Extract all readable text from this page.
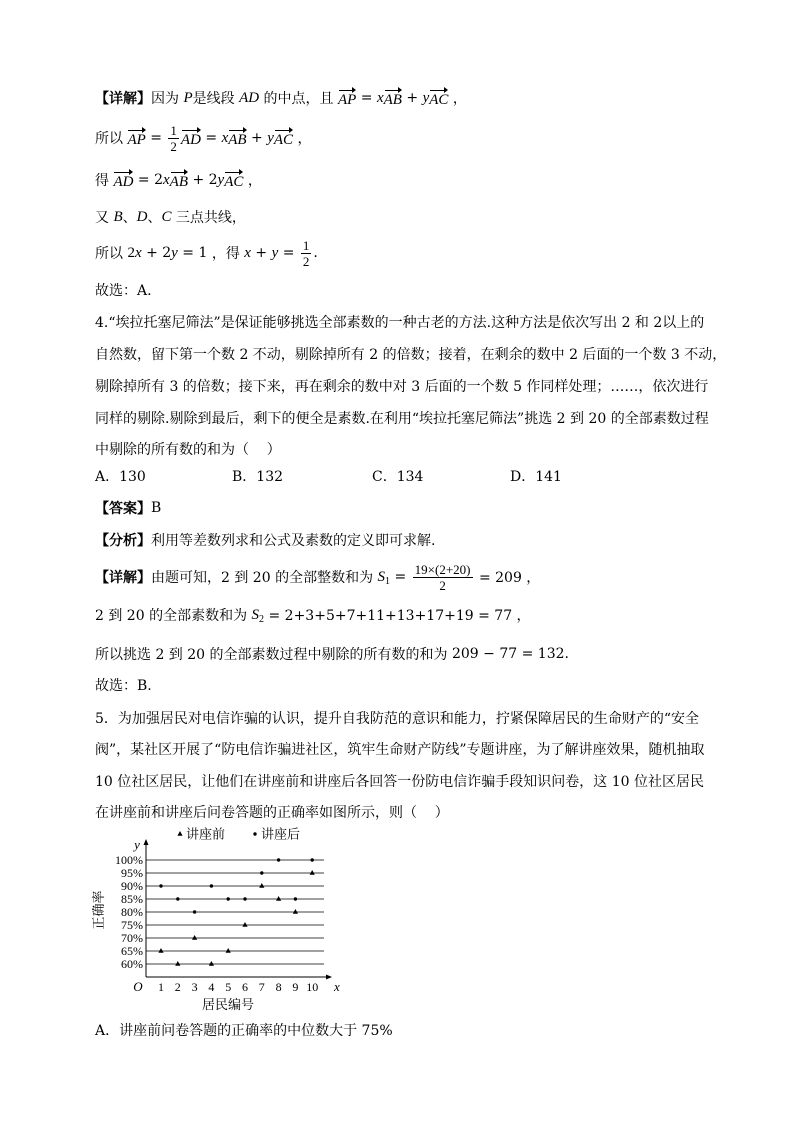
【详解】 因为 P 是线段 AD 的中点，且 AP = x AB + y AC ，
所以 AP = $\frac{1}{2}$ AD = x AB + y AC ，
得 AD = 2 x AB + 2 y AC ，
又 B 、 D 、 C 三点共线，
所以 2 x + 2 y = 1 ，得 $x + y = \frac{1}{2}$ .
故选：A.
4.“埃拉托塞尼筛法”是保证能够挑选全部素数的一种古老的方法.这种方法是依次写出 2 和 2以上的
自然数，留下第一个数 2 不动，剔除掉所有 2 的倍数；接着，在剩余的数中 2 后面的一个数 3 不动，
剔除掉所有 3 的倍数；接下来，再在剩余的数中对 3 后面的一个数 5 作同样处理；……，依次进行
同样的剔除.剔除到最后，剩下的便全是素数.在利用“埃拉托塞尼筛法”挑选 2 到 20 的全部素数过程
中剔除的所有数的和为（    ）
A．130	B．132	C．134	D．141
【答案】 B
【分析】 利用等差数列求和公式及素数的定义即可求解.
【详解】 由题可知，2 到 20 的全部整数和为 S $1 = \frac{19\times(2+20)}{2} = 209$ ，
2 到 20 的全部素数和为 S 2 = 2+3+5+7+11+13+17+19 = 77 ，
所以挑选 2 到 20 的全部素数过程中剔除的所有数的和为 209 − 77 = 132 .
故选：B.
5．为加强居民对电信诈骗的认识，提升自我防范的意识和能力，拧紧保障居民的生命财产的“安全
阀”，某社区开展了“防电信诈骗进社区，筑牢生命财产防线”专题讲座，为了解讲座效果，随机抽取
10 位社区居民，让他们在讲座前和讲座后各回答一份防电信诈骗手段知识问卷，这 10 位社区居民
在讲座前和讲座后问卷答题的正确率如图所示，则（    ）
正确率
居民编号
O	x
y
60%
65%
70%
75%
80%
85%
90%
95%
100%
1 2 3 4 5 6 7 8 9 10
讲座前	讲座后
A．讲座前问卷答题的正确率的中位数大于 75%
